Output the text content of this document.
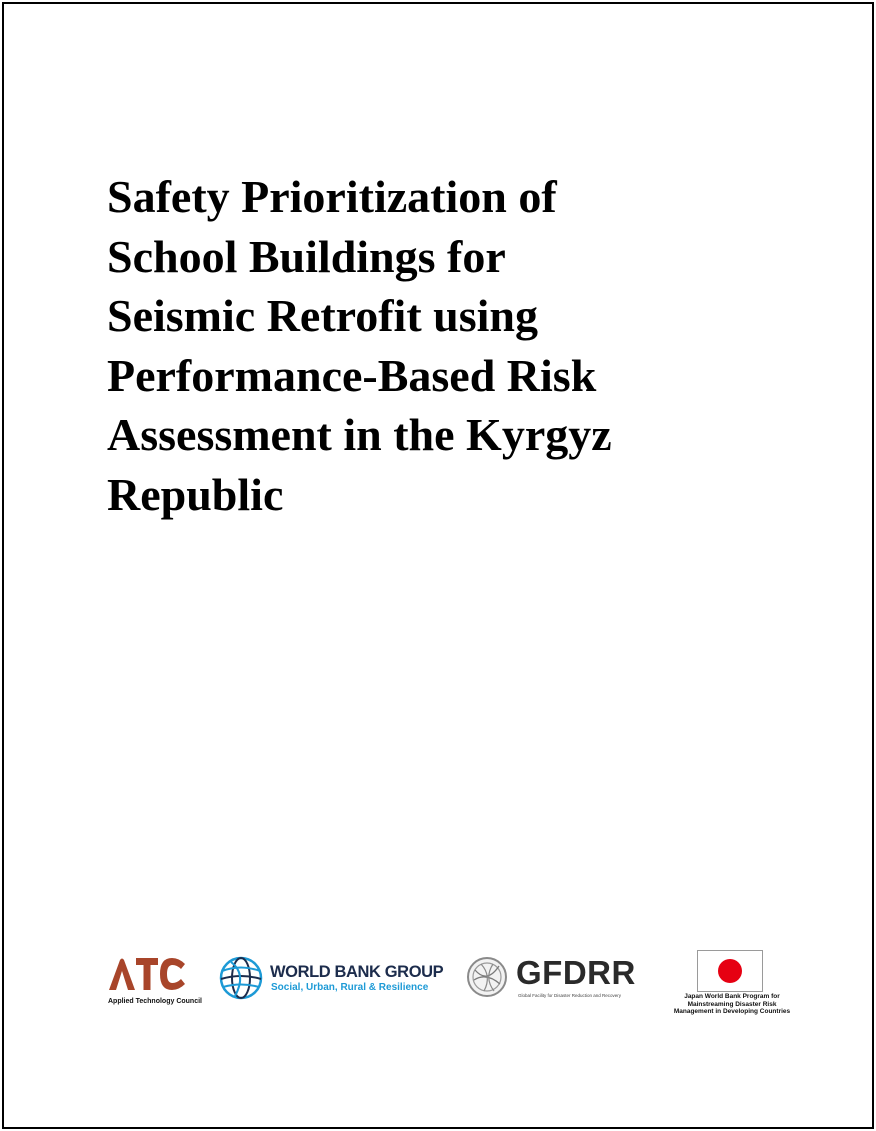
Safety Prioritization of
School Buildings for
Seismic Retrofit using
Performance-Based Risk
Assessment in the Kyrgyz
Republic
Applied Technology Council
WORLD BANK GROUP
Social, Urban, Rural & Resilience	GFDRR
Global Facility for Disaster Reduction and Recovery	Japan World Bank Program for
Mainstreaming Disaster Risk
Management in Developing Countries
